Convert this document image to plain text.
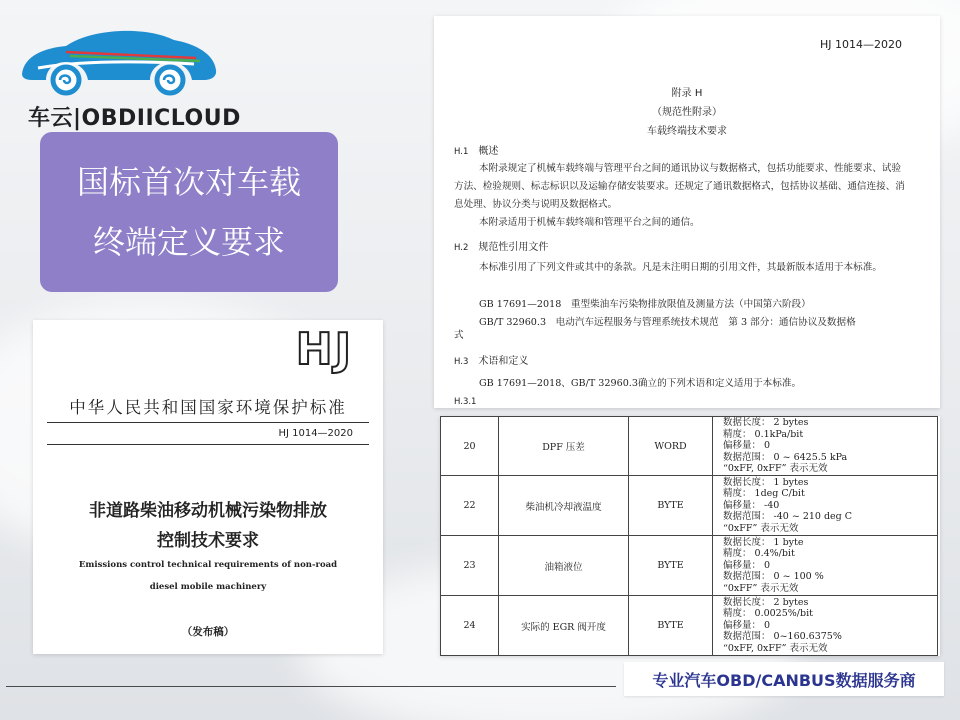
车云|OBDIICLOUD
国标首次对车载
终端定义要求
HJ
中华人民共和国国家环境保护标准
HJ 1014—2020
非道路柴油移动机械污染物排放
控制技术要求
Emissions control technical requirements of non-road
diesel mobile machinery
（发布稿）
HJ 1014—2020
附录 H
（规范性附录）
车载终端技术要求
H.1 概述
本附录规定了机械车载终端与管理平台之间的通讯协议与数据格式，包括功能要求、性能要求、试验方法、检验规则、标志标识以及运输存储安装要求。还规定了通讯数据格式，包括协议基础、通信连接、消息处理、协议分类与说明及数据格式。
本附录适用于机械车载终端和管理平台之间的通信。
H.2 规范性引用文件
本标准引用了下列文件或其中的条款。凡是未注明日期的引用文件，其最新版本适用于本标准。
GB 17691—2018　重型柴油车污染物排放限值及测量方法（中国第六阶段）
GB/T 32960.3　电动汽车远程服务与管理系统技术规范　第 3 部分：通信协议及数据格
式
H.3 术语和定义
GB 17691—2018、GB/T 32960.3确立的下列术语和定义适用于本标准。
H.3.1
20	DPF 压差	WORD	数据长度： 2 bytes
精度： 0.1kPa/bit
偏移量： 0
数据范围： 0 ~ 6425.5 kPa
“0xFF, 0xFF” 表示无效

22	柴油机冷却液温度	BYTE	数据长度： 1 bytes
精度： 1deg C/bit
偏移量： -40
数据范围： -40 ~ 210 deg C
“0xFF” 表示无效

23	油箱液位	BYTE	数据长度： 1 byte
精度： 0.4%/bit
偏移量： 0
数据范围： 0 ~ 100 %
“0xFF” 表示无效

24	实际的 EGR 阀开度	BYTE	数据长度： 2 bytes
精度： 0.0025%/bit
偏移量： 0
数据范围： 0~160.6375%
“0xFF, 0xFF” 表示无效
专业汽车OBD/CANBUS数据服务商
